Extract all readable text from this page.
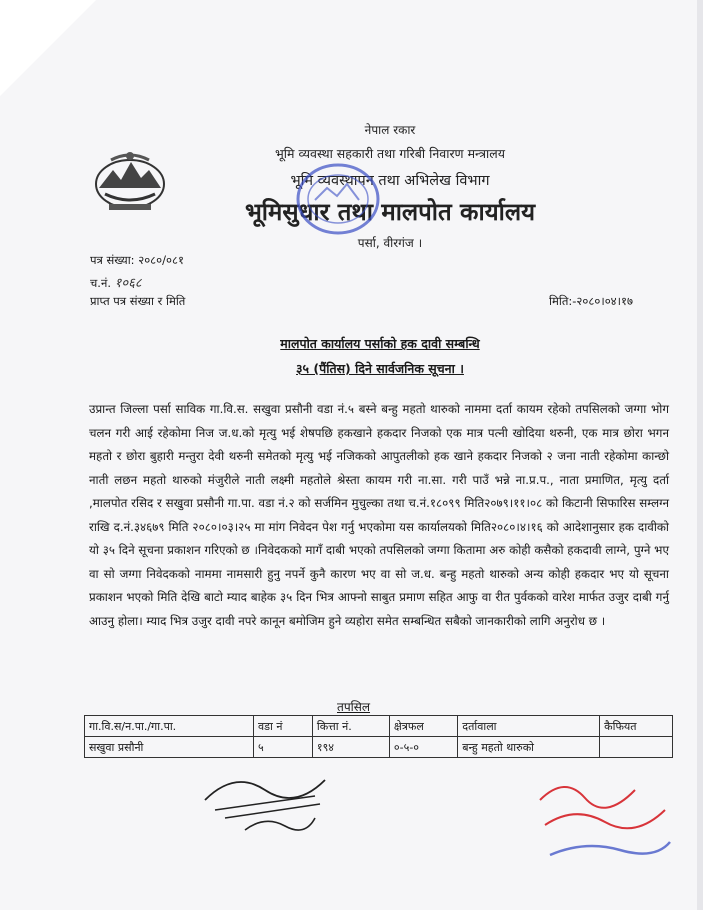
नेपाल रकार
भूमि व्यवस्था सहकारी तथा गरिबी निवारण मन्त्रालय
भूमि व्यवस्थापन तथा अभिलेख विभाग
भूमिसुधार तथा मालपोत कार्यालय
पर्सा, वीरगंज ।
पत्र संख्या: २०८०/०८१
च.नं. १०६८
प्राप्त पत्र संख्या र मिति	मिति:-२०८०।०४।१७
मालपोत कार्यालय पर्साको हक दावी सम्बन्धि
३५ (पैंतिस) दिने सार्वजनिक सूचना ।
उप्रान्त जिल्ला पर्सा साविक गा.वि.स. सखुवा प्रसौनी वडा नं.५ बस्ने बन्हु महतो थारुको नाममा दर्ता कायम रहेको तपसिलको जग्गा भोग चलन गरी आई रहेकोमा निज ज.ध.को मृत्यु भई शेषपछि हकखाने हकदार निजको एक मात्र पत्नी खोदिया थरुनी, एक मात्र छोरा भगन महतो र छोरा बुहारी मन्तुरा देवी थरुनी समेतको मृत्यु भई नजिकको आपुतलीको हक खाने हकदार निजको २ जना नाती रहेकोमा कान्छो नाती लछन महतो थारुको मंजुरीले नाती लक्ष्मी महतोले श्रेस्ता कायम गरी ना.सा. गरी पाउँ भन्ने ना.प्र.प., नाता प्रमाणित, मृत्यु दर्ता ,मालपोत रसिद र सखुवा प्रसौनी गा.पा. वडा नं.२ को सर्जमिन मुचुल्का तथा च.नं.१८०९९ मिति२०७९।११।०८ को किटानी सिफारिस सम्लग्न राखि द.नं.३४६७९ मिति २०८०।०३।२५ मा मांग निवेदन पेश गर्नु भएकोमा यस कार्यालयको मिति२०८०।४।१६ को आदेशानुसार हक दावीको यो ३५ दिने सूचना प्रकाशन गरिएको छ ।निवेदकको मागँ दाबी भएको तपसिलको जग्गा कितामा अरु कोही कसैको हकदावी लाग्ने, पुग्ने भए वा सो जग्गा निवेदकको नाममा नामसारी हुनु नपर्ने कुनै कारण भए वा सो ज.ध. बन्हु महतो थारुको अन्य कोही हकदार भए यो सूचना प्रकाशन भएको मिति देखि बाटो म्याद बाहेक ३५ दिन भित्र आफ्नो साबुत प्रमाण सहित आफु वा रीत पुर्वकको वारेश मार्फत उजुर दाबी गर्नु आउनु होला। म्याद भित्र उजुर दावी नपरे कानून बमोजिम हुने व्यहोरा समेत सम्बन्धित सबैको जानकारीको लागि अनुरोध छ ।
तपसिल
गा.वि.स/न.पा./गा.पा.	वडा नं	कित्ता नं.	क्षेत्रफल	दर्तावाला	कैफियत
सखुवा प्रसौनी	५	१९४	०-५-०	बन्हु महतो थारुको	
